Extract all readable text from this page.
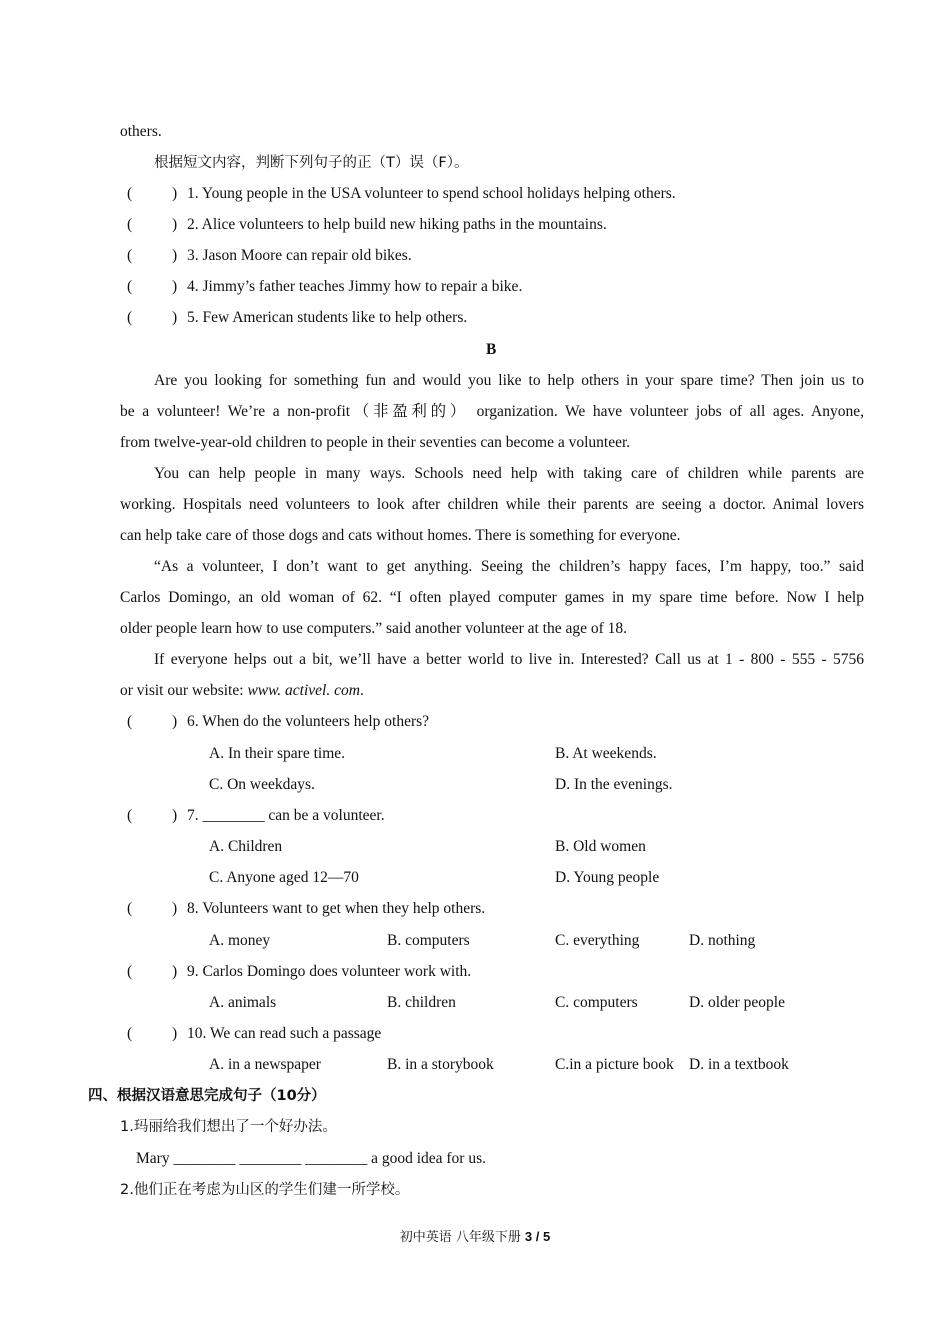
others.
根据短文内容，判断下列句子的正（T）误（F）。
(	) 1. Young people in the USA volunteer to spend school holidays helping others.
(	) 2. Alice volunteers to help build new hiking paths in the mountains.
(	) 3. Jason Moore can repair old bikes.
(	) 4. Jimmy’s father teaches Jimmy how to repair a bike.
(	) 5. Few American students like to help others.
B
Are you looking for something fun and would you like to help others in your spare time? Then join us to
be a volunteer! We’re a non-profit（非盈利的） organization. We have volunteer jobs of all ages. Anyone,
from twelve-year-old children to people in their seventies can become a volunteer.
You can help people in many ways. Schools need help with taking care of children while parents are
working. Hospitals need volunteers to look after children while their parents are seeing a doctor. Animal lovers
can help take care of those dogs and cats without homes. There is something for everyone.
“As a volunteer, I don’t want to get anything. Seeing the children’s happy faces, I’m happy, too.” said
Carlos Domingo, an old woman of 62. “I often played computer games in my spare time before. Now I help
older people learn how to use computers.” said another volunteer at the age of 18.
If everyone helps out a bit, we’ll have a better world to live in. Interested? Call us at 1 - 800 - 555 - 5756
or visit our website: www. activel. com.
(	) 6. When do the volunteers help others?
A. In their spare time.	B. At weekends.
C. On weekdays.	D. In the evenings.
(	) 7. ________ can be a volunteer.
A. Children	B. Old women
C. Anyone aged 12—70	D. Young people
(	) 8. Volunteers want to get when they help others.
A. money	B. computers	C. everything	D. nothing
(	) 9. Carlos Domingo does volunteer work with.
A. animals	B. children	C. computers	D. older people
(	) 10. We can read such a passage
A. in a newspaper	B. in a storybook	C.in a picture book D. in a textbook
四、根据汉语意思完成句子（10分）
1.玛丽给我们想出了一个好办法。
Mary ________ ________ ________ a good idea for us.
2.他们正在考虑为山区的学生们建一所学校。
初中英语 八年级下册 3 / 5
